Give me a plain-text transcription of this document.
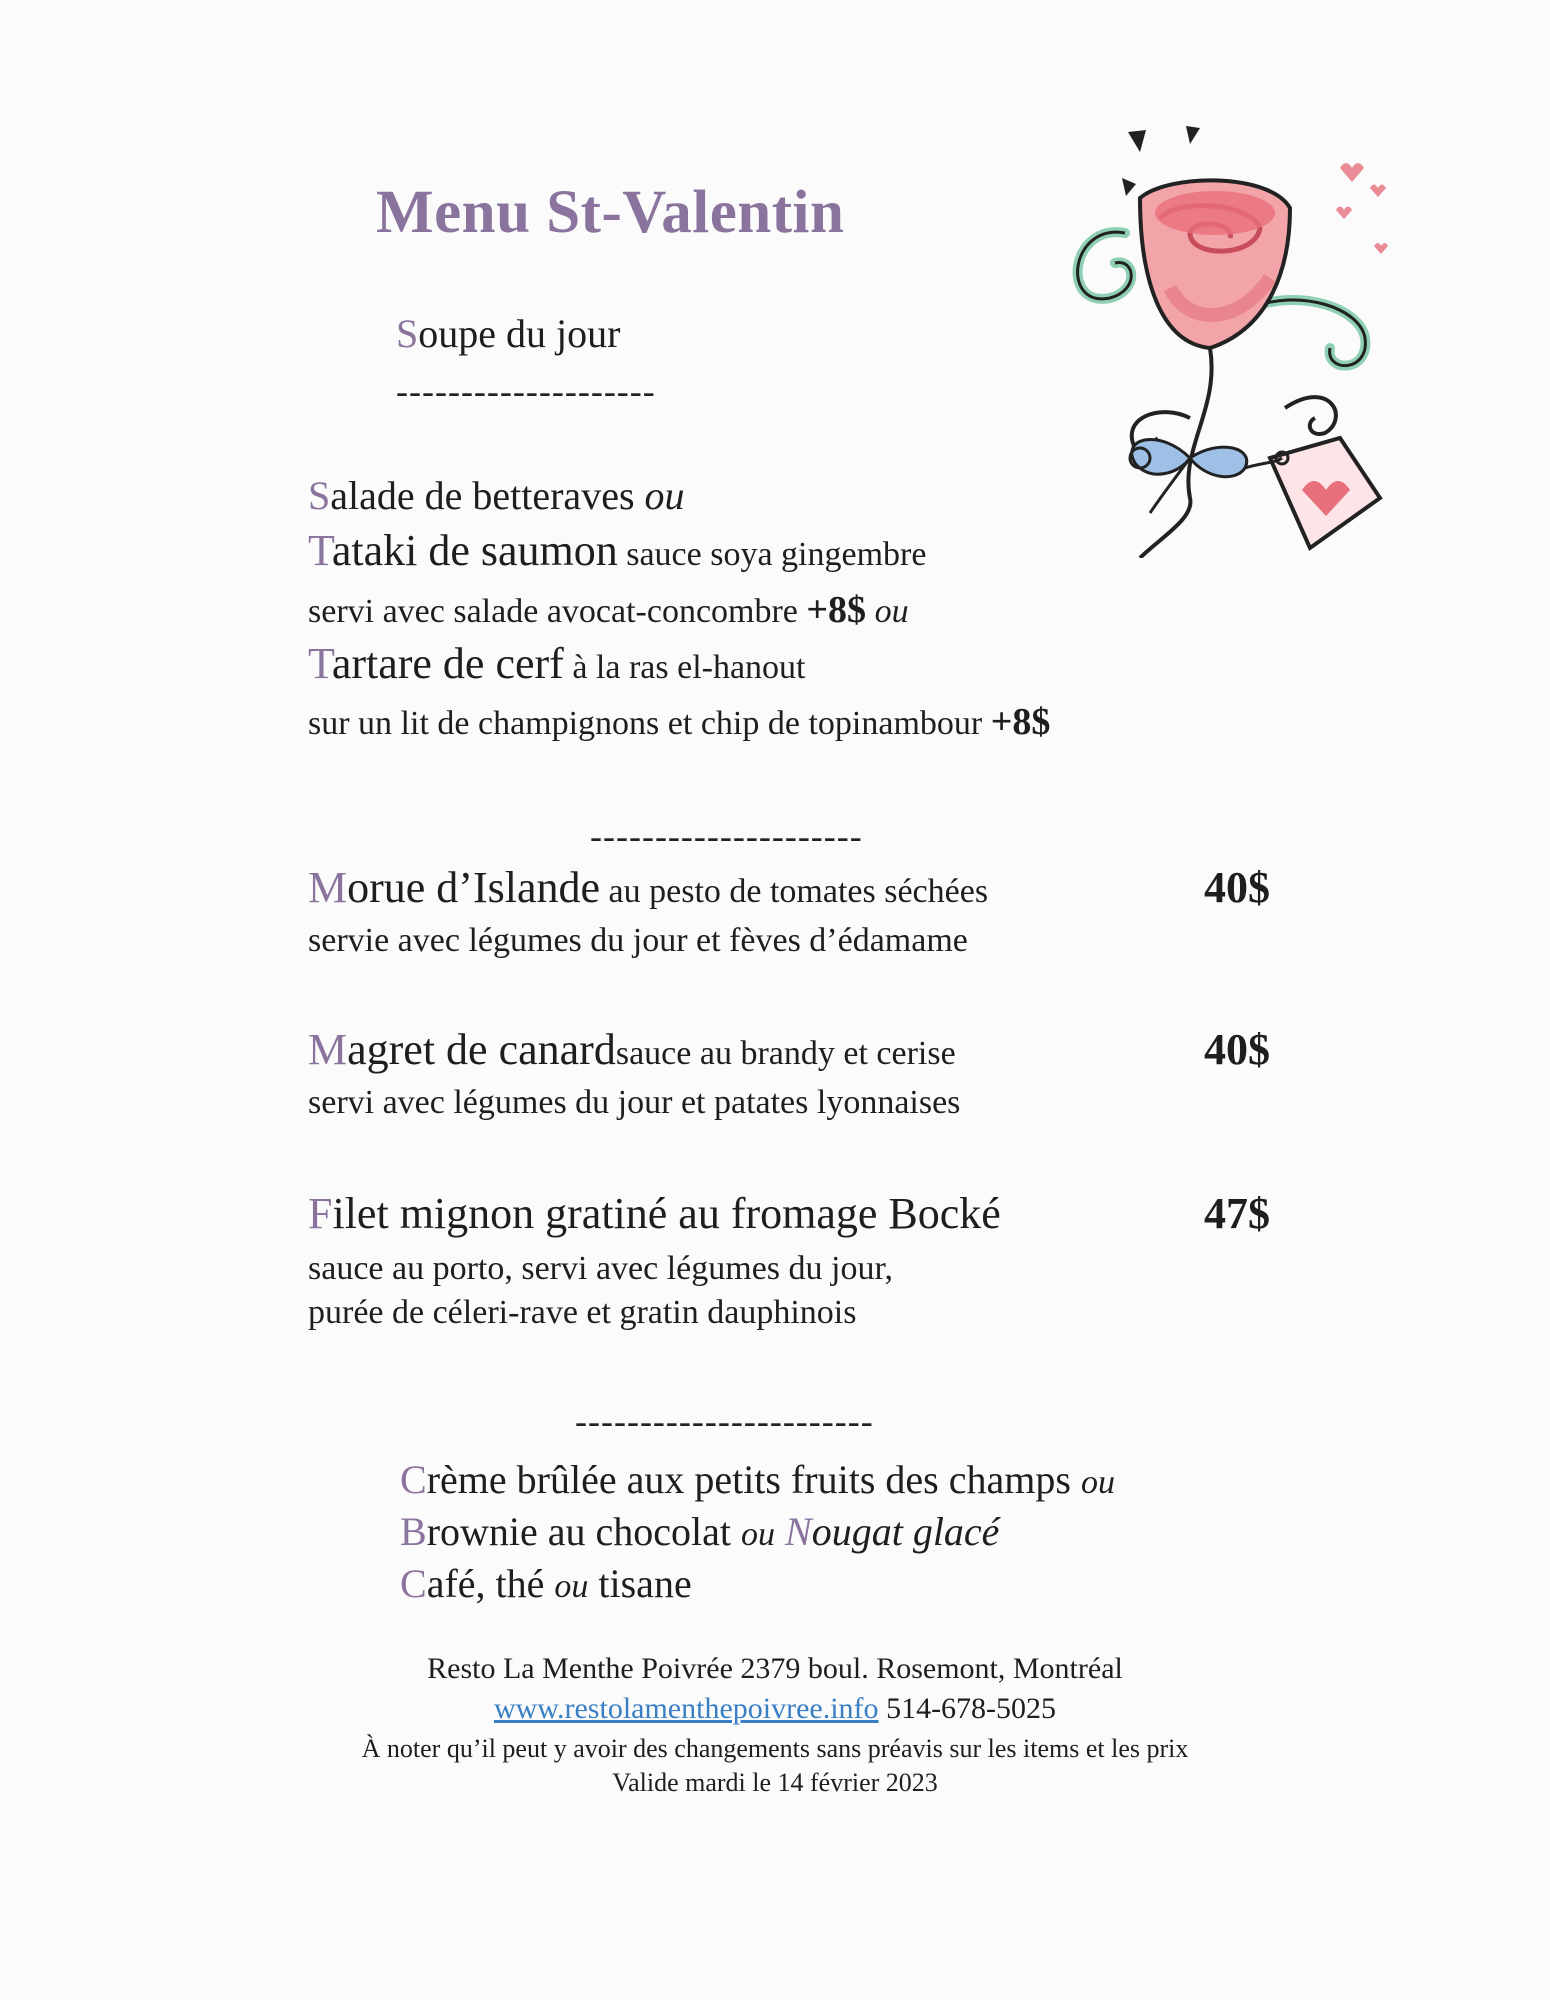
Menu St-Valentin
Soupe du jour
--------------------
Salade de betteraves ou
Tataki de saumon sauce soya gingembre
servi avec salade avocat-concombre +8$ ou
Tartare de cerf à la ras el-hanout
sur un lit de champignons et chip de topinambour +8$
---------------------
Morue d’Islande au pesto de tomates séchées	40$
servie avec légumes du jour et fèves d’édamame
Magret de canardsauce au brandy et cerise	40$
servi avec légumes du jour et patates lyonnaises
Filet mignon gratiné au fromage Bocké	47$
sauce au porto, servi avec légumes du jour,
purée de céleri-rave et gratin dauphinois
-----------------------
Crème brûlée aux petits fruits des champs ou
Brownie au chocolat ou Nougat glacé
Café, thé ou tisane
Resto La Menthe Poivrée 2379 boul. Rosemont, Montréal
www.restolamenthepoivree.info 514-678-5025
À noter qu’il peut y avoir des changements sans préavis sur les items et les prix
Valide mardi le 14 février 2023
